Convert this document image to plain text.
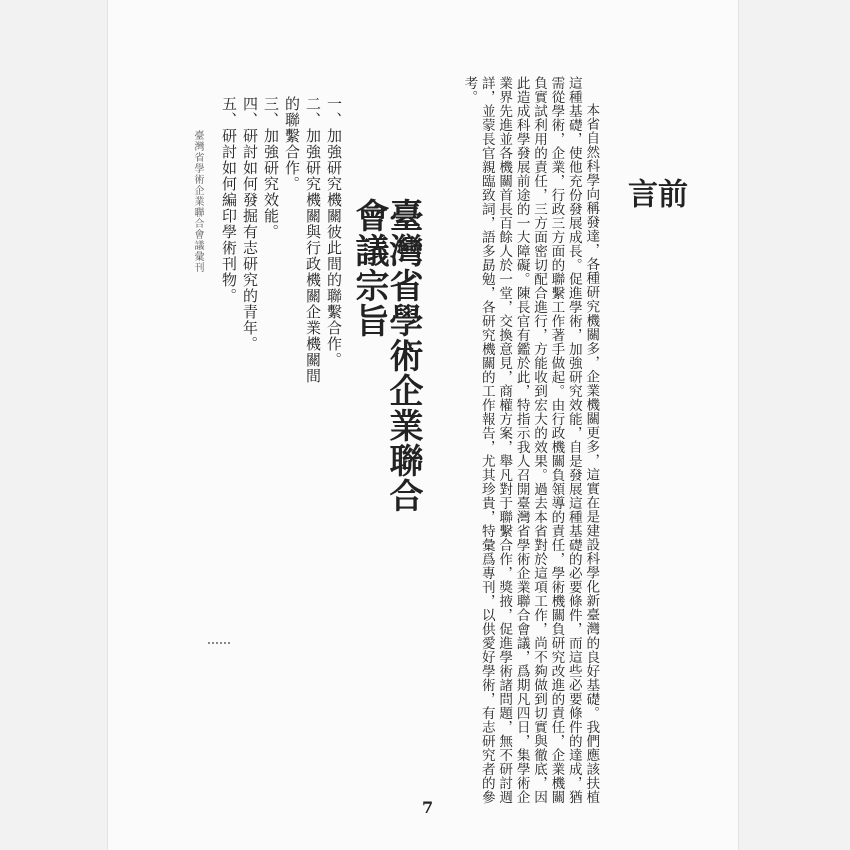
臺灣省學術企業聯合會議彙刊	一、加強研究機關彼此間的聯繫合作。

二、加強研究機關與行政機關企業機關間的聯繫合作。

三、加強研究效能。

四、研討如何發掘有志研究的青年。

五、研討如何編印學術刊物。	臺灣省學術企業聯合會議宗旨	本省自然科學向稱發達，各種研究機關多，企業機關更多，這實在是建設科學化新臺灣的良好基礎。我們應該扶植這種基礎，使他充份發展成長。促進學術，加強研究效能，自是發展這種基礎的必要條件，而這些必要條件的達成，猶需從學術，企業，行政三方面的聯繫工作著手做起。由行政機關負領導的責任，學術機關負研究改進的責任，企業機關負實試利用的責任，三方面密切配合進行，方能收到宏大的效果。過去本省對於這項工作，尚不夠做到切實與徹底，因此造成科學發展前途的一大障礙。陳長官有鑑於此，特指示我人召開臺灣省學術企業聯合會議，爲期凡四日，集學術企業界先進並各機關首長百餘人於一堂，交換意見，商權方案，舉凡對于聯繫合作，獎掖，促進學術諸問題，無不研討週詳，並蒙長官親臨致詞，語多勗勉，各研究機關的工作報告，尤其珍貴，特彙爲專刊，以供愛好學術，有志研究者的參考。

前言
7
